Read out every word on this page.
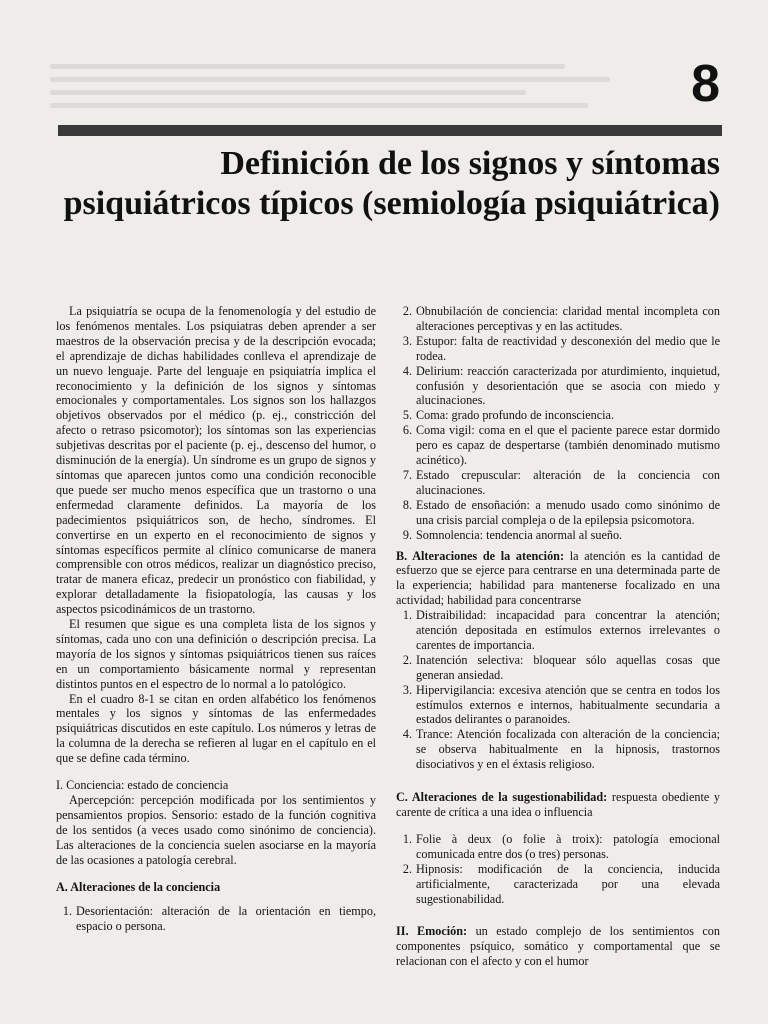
8
Definición de los signos y síntomas
psiquiátricos típicos (semiología psiquiátrica)

La psiquiatría se ocupa de la fenomenología y del estudio de los fenómenos mentales. Los psiquiatras deben aprender a ser maestros de la observación precisa y de la descripción evocada; el aprendizaje de dichas habilidades conlleva el aprendizaje de un nuevo lenguaje. Parte del lenguaje en psiquiatría implica el reconocimiento y la definición de los signos y síntomas emocionales y comportamentales. Los signos son los hallazgos objetivos observados por el médico (p. ej., constricción del afecto o retraso psicomotor); los síntomas son las experiencias subjetivas descritas por el paciente (p. ej., descenso del humor, o disminución de la energía). Un síndrome es un grupo de signos y síntomas que aparecen juntos como una condición reconocible que puede ser mucho menos específica que un trastorno o una enfermedad claramente definidos. La mayoría de los padecimientos psiquiátricos son, de hecho, síndromes. El convertirse en un experto en el reconocimiento de signos y síntomas específicos permite al clínico comunicarse de manera comprensible con otros médicos, realizar un diagnóstico preciso, tratar de manera eficaz, predecir un pronóstico con fiabilidad, y explorar detalladamente la fisiopatología, las causas y los aspectos psicodinámicos de un trastorno.

El resumen que sigue es una completa lista de los signos y síntomas, cada uno con una definición o descripción precisa. La mayoría de los signos y síntomas psiquiátricos tienen sus raíces en un comportamiento básicamente normal y representan distintos puntos en el espectro de lo normal a lo patológico.

En el cuadro 8-1 se citan en orden alfabético los fenómenos mentales y los signos y síntomas de las enfermedades psiquiátricas discutidos en este capítulo. Los números y letras de la columna de la derecha se refieren al lugar en el capítulo en el que se define cada término.

I. Conciencia: estado de conciencia

Apercepción: percepción modificada por los sentimientos y pensamientos propios. Sensorio: estado de la función cognitiva de los sentidos (a veces usado como sinónimo de conciencia). Las alteraciones de la conciencia suelen asociarse en la mayoría de las ocasiones a patología cerebral.

A. Alteraciones de la conciencia

1. Desorientación: alteración de la orientación en tiempo, espacio o persona.
2. Obnubilación de conciencia: claridad mental incompleta con alteraciones perceptivas y en las actitudes.
3. Estupor: falta de reactividad y desconexión del medio que le rodea.
4. Delirium: reacción caracterizada por aturdimiento, inquietud, confusión y desorientación que se asocia con miedo y alucinaciones.
5. Coma: grado profundo de inconsciencia.
6. Coma vigil: coma en el que el paciente parece estar dormido pero es capaz de despertarse (también denominado mutismo acinético).
7. Estado crepuscular: alteración de la conciencia con alucinaciones.
8. Estado de ensoñación: a menudo usado como sinónimo de una crisis parcial compleja o de la epilepsia psicomotora.
9. Somnolencia: tendencia anormal al sueño.

B. Alteraciones de la atención: la atención es la cantidad de esfuerzo que se ejerce para centrarse en una determinada parte de la experiencia; habilidad para mantenerse focalizado en una actividad; habilidad para concentrarse

1. Distraibilidad: incapacidad para concentrar la atención; atención depositada en estímulos externos irrelevantes o carentes de importancia.
2. Inatención selectiva: bloquear sólo aquellas cosas que generan ansiedad.
3. Hipervigilancia: excesiva atención que se centra en todos los estímulos externos e internos, habitualmente secundaria a estados delirantes o paranoides.
4. Trance: Atención focalizada con alteración de la conciencia; se observa habitualmente en la hipnosis, trastornos disociativos y en el éxtasis religioso.

C. Alteraciones de la sugestionabilidad: respuesta obediente y carente de crítica a una idea o influencia

1. Folie à deux (o folie à troix): patología emocional comunicada entre dos (o tres) personas.
2. Hipnosis: modificación de la conciencia, inducida artificialmente, caracterizada por una elevada sugestionabilidad.

II. Emoción: un estado complejo de los sentimientos con componentes psíquico, somático y comportamental que se relacionan con el afecto y con el humor
